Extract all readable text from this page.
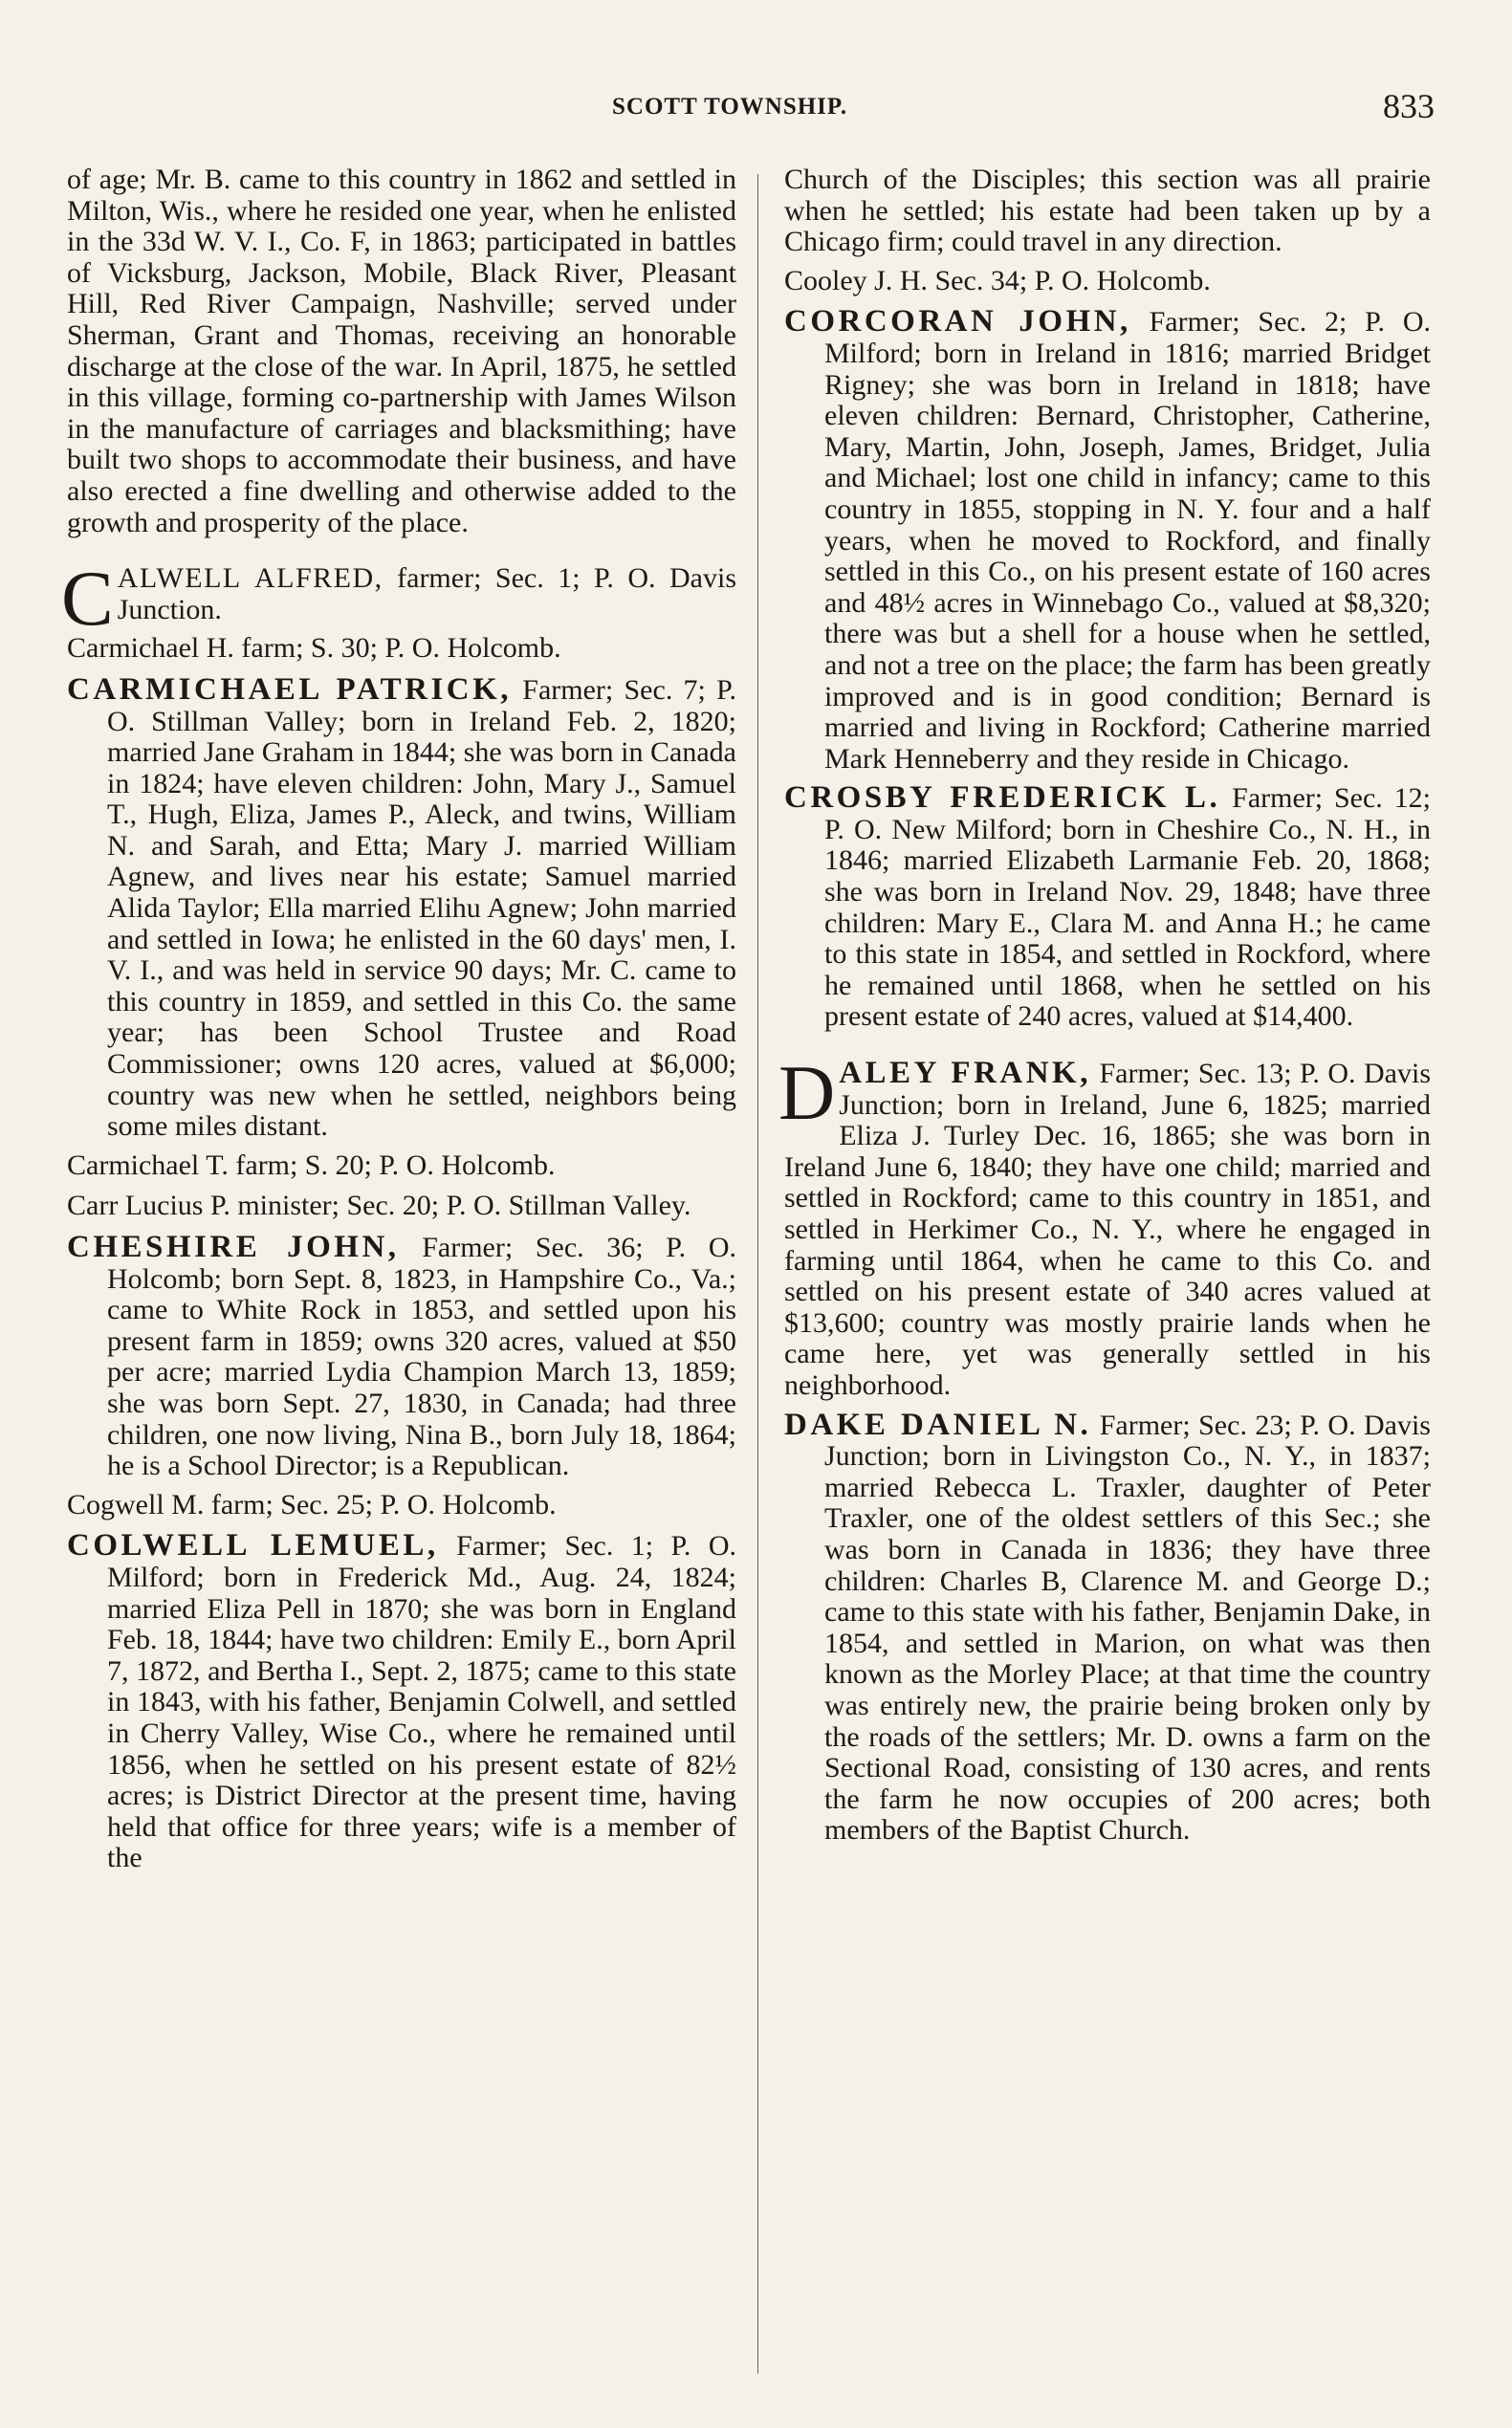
SCOTT TOWNSHIP.	833

of age; Mr. B. came to this country in 1862 and settled in Milton, Wis., where he resided one year, when he enlisted in the 33d W. V. I., Co. F, in 1863; participated in battles of Vicksburg, Jackson, Mobile, Black River, Pleasant Hill, Red River Campaign, Nashville; served under Sherman, Grant and Thomas, receiving an honorable discharge at the close of the war. In April, 1875, he settled in this village, forming co-partnership with James Wilson in the manufacture of carriages and blacksmithing; have built two shops to accommodate their business, and have also erected a fine dwelling and otherwise added to the growth and prosperity of the place.

CALWELL ALFRED, farmer; Sec. 1; P. O. Davis Junction.

Carmichael H. farm; S. 30; P. O. Holcomb.

CARMICHAEL PATRICK, Farmer; Sec. 7; P. O. Stillman Valley; born in Ireland Feb. 2, 1820; married Jane Graham in 1844; she was born in Canada in 1824; have eleven children: John, Mary J., Samuel T., Hugh, Eliza, James P., Aleck, and twins, William N. and Sarah, and Etta; Mary J. married William Agnew, and lives near his estate; Samuel married Alida Taylor; Ella married Elihu Agnew; John married and settled in Iowa; he enlisted in the 60 days' men, I. V. I., and was held in service 90 days; Mr. C. came to this country in 1859, and settled in this Co. the same year; has been School Trustee and Road Commissioner; owns 120 acres, valued at $6,000; country was new when he settled, neighbors being some miles distant.

Carmichael T. farm; S. 20; P. O. Holcomb.

Carr Lucius P. minister; Sec. 20; P. O. Stillman Valley.

CHESHIRE JOHN, Farmer; Sec. 36; P. O. Holcomb; born Sept. 8, 1823, in Hampshire Co., Va.; came to White Rock in 1853, and settled upon his present farm in 1859; owns 320 acres, valued at $50 per acre; married Lydia Champion March 13, 1859; she was born Sept. 27, 1830, in Canada; had three children, one now living, Nina B., born July 18, 1864; he is a School Director; is a Republican.

Cogwell M. farm; Sec. 25; P. O. Holcomb.

COLWELL LEMUEL, Farmer; Sec. 1; P. O. Milford; born in Frederick Md., Aug. 24, 1824; married Eliza Pell in 1870; she was born in England Feb. 18, 1844; have two children: Emily E., born April 7, 1872, and Bertha I., Sept. 2, 1875; came to this state in 1843, with his father, Benjamin Colwell, and settled in Cherry Valley, Wise Co., where he remained until 1856, when he settled on his present estate of 82½ acres; is District Director at the present time, having held that office for three years; wife is a member of the

Church of the Disciples; this section was all prairie when he settled; his estate had been taken up by a Chicago firm; could travel in any direction.

Cooley J. H. Sec. 34; P. O. Holcomb.

CORCORAN JOHN, Farmer; Sec. 2; P. O. Milford; born in Ireland in 1816; married Bridget Rigney; she was born in Ireland in 1818; have eleven children: Bernard, Christopher, Catherine, Mary, Martin, John, Joseph, James, Bridget, Julia and Michael; lost one child in infancy; came to this country in 1855, stopping in N. Y. four and a half years, when he moved to Rockford, and finally settled in this Co., on his present estate of 160 acres and 48½ acres in Winnebago Co., valued at $8,320; there was but a shell for a house when he settled, and not a tree on the place; the farm has been greatly improved and is in good condition; Bernard is married and living in Rockford; Catherine married Mark Henneberry and they reside in Chicago.

CROSBY FREDERICK L. Farmer; Sec. 12; P. O. New Milford; born in Cheshire Co., N. H., in 1846; married Elizabeth Larmanie Feb. 20, 1868; she was born in Ireland Nov. 29, 1848; have three children: Mary E., Clara M. and Anna H.; he came to this state in 1854, and settled in Rockford, where he remained until 1868, when he settled on his present estate of 240 acres, valued at $14,400.

DALEY FRANK, Farmer; Sec. 13; P. O. Davis Junction; born in Ireland, June 6, 1825; married Eliza J. Turley Dec. 16, 1865; she was born in Ireland June 6, 1840; they have one child; married and settled in Rockford; came to this country in 1851, and settled in Herkimer Co., N. Y., where he engaged in farming until 1864, when he came to this Co. and settled on his present estate of 340 acres valued at $13,600; country was mostly prairie lands when he came here, yet was generally settled in his neighborhood.

DAKE DANIEL N. Farmer; Sec. 23; P. O. Davis Junction; born in Livingston Co., N. Y., in 1837; married Rebecca L. Traxler, daughter of Peter Traxler, one of the oldest settlers of this Sec.; she was born in Canada in 1836; they have three children: Charles B, Clarence M. and George D.; came to this state with his father, Benjamin Dake, in 1854, and settled in Marion, on what was then known as the Morley Place; at that time the country was entirely new, the prairie being broken only by the roads of the settlers; Mr. D. owns a farm on the Sectional Road, consisting of 130 acres, and rents the farm he now occupies of 200 acres; both members of the Baptist Church.
